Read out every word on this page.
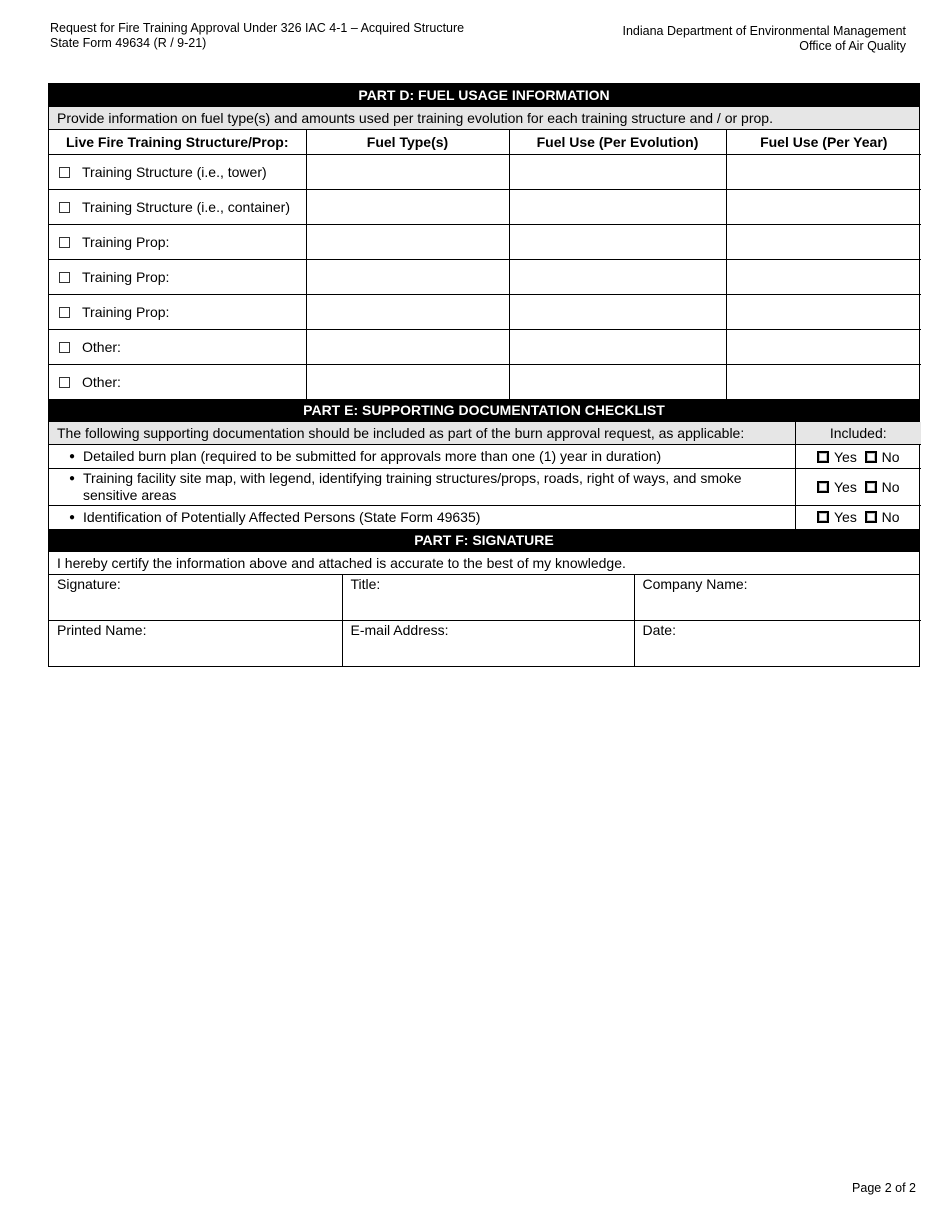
Request for Fire Training Approval Under 326 IAC 4-1 – Acquired Structure
State Form 49634 (R / 9-21)
Indiana Department of Environmental Management
Office of Air Quality
PART D: FUEL USAGE INFORMATION
Provide information on fuel type(s) and amounts used per training evolution for each training structure and / or prop.
Live Fire Training Structure/Prop:	Fuel Type(s)	Fuel Use (Per Evolution)	Fuel Use (Per Year)
Training Structure (i.e., tower)			
Training Structure (i.e., container)			
Training Prop:			
Training Prop:			
Training Prop:			
Other:			
Other:			
PART E: SUPPORTING DOCUMENTATION CHECKLIST
The following supporting documentation should be included as part of the burn approval request, as applicable:	Included:

● Detailed burn plan (required to be submitted for approvals more than one (1) year in duration)	Yes No

● Training facility site map, with legend, identifying training structures/props, roads, right of ways, and smoke sensitive areas	Yes No

● Identification of Potentially Affected Persons (State Form 49635)	Yes No
PART F: SIGNATURE
I hereby certify the information above and attached is accurate to the best of my knowledge.
Signature:	Title:	Company Name:
Printed Name:	E-mail Address:	Date:
Page 2 of 2
